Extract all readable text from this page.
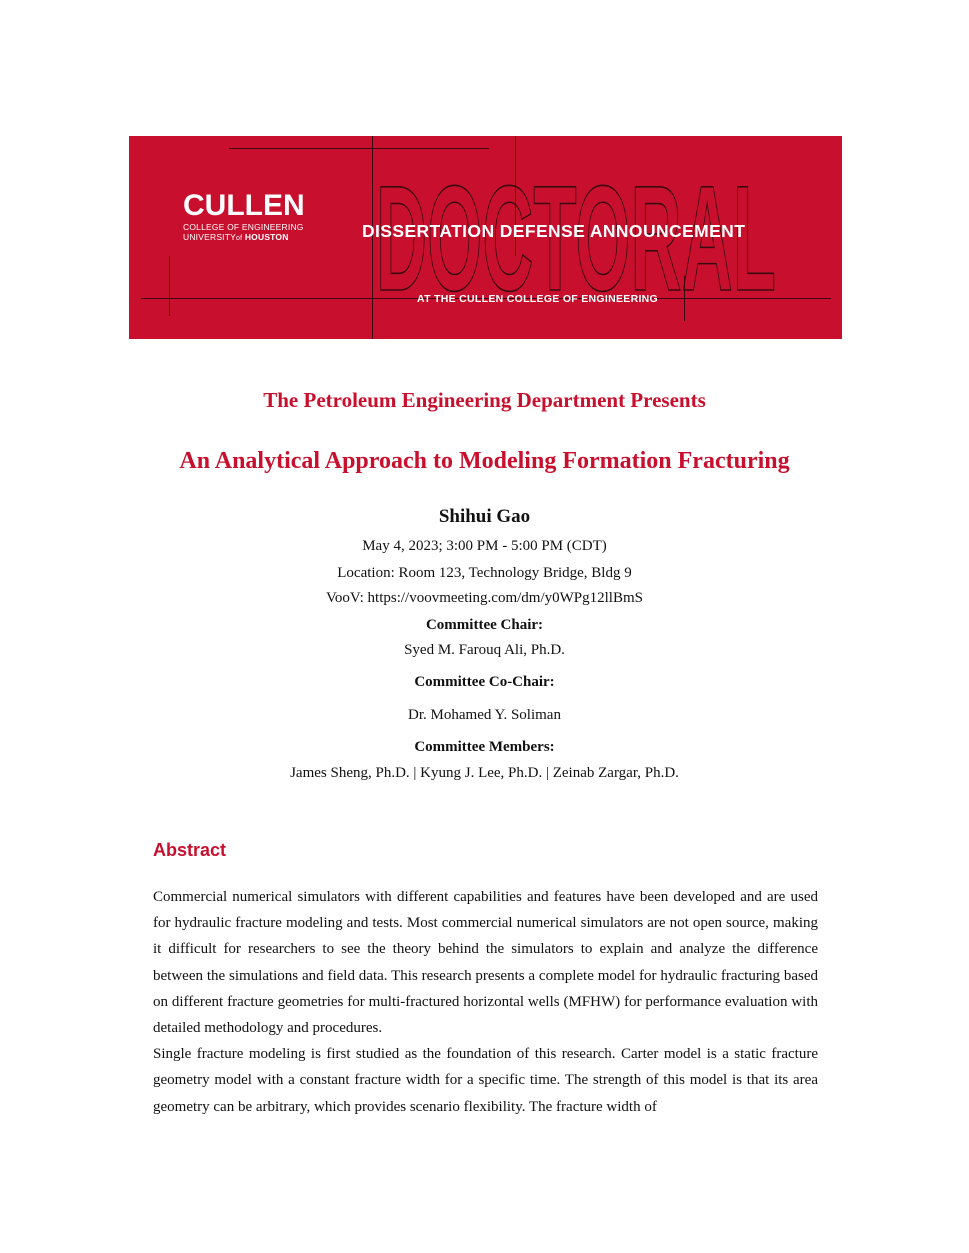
DOCTORAL
CULLEN
COLLEGE OF ENGINEERING
UNIVERSITYof HOUSTON	DISSERTATION DEFENSE ANNOUNCEMENT
AT THE CULLEN COLLEGE OF ENGINEERING
The Petroleum Engineering Department Presents
An Analytical Approach to Modeling Formation Fracturing
Shihui Gao
May 4, 2023; 3:00 PM - 5:00 PM (CDT)
Location: Room 123, Technology Bridge, Bldg 9
VooV: https://voovmeeting.com/dm/y0WPg12llBmS
Committee Chair:
Syed M. Farouq Ali, Ph.D.
Committee Co-Chair:
Dr. Mohamed Y. Soliman
Committee Members:
James Sheng, Ph.D. | Kyung J. Lee, Ph.D. | Zeinab Zargar, Ph.D.
Abstract

Commercial numerical simulators with different capabilities and features have been developed and are used for hydraulic fracture modeling and tests. Most commercial numerical simulators are not open source, making it difficult for researchers to see the theory behind the simulators to explain and analyze the difference between the simulations and field data. This research presents a complete model for hydraulic fracturing based on different fracture geometries for multi-fractured horizontal wells (MFHW) for performance evaluation with detailed methodology and procedures.

Single fracture modeling is first studied as the foundation of this research. Carter model is a static fracture geometry model with a constant fracture width for a specific time. The strength of this model is that its area geometry can be arbitrary, which provides scenario flexibility. The fracture width of
